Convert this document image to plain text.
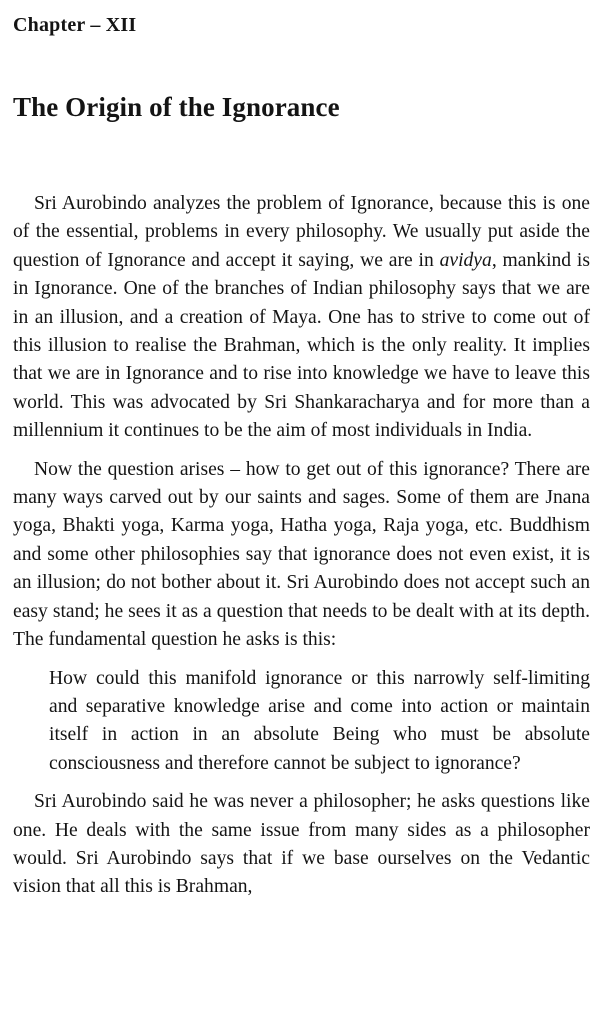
Chapter – XII
The Origin of the Ignorance

Sri Aurobindo analyzes the problem of Ignorance, because this is one of the essential, problems in every philosophy. We usually put aside the question of Ignorance and accept it saying, we are in avidya, mankind is in Ignorance. One of the branches of Indian philosophy says that we are in an illusion, and a creation of Maya. One has to strive to come out of this illusion to realise the Brahman, which is the only reality. It implies that we are in Ignorance and to rise into knowledge we have to leave this world. This was advocated by Sri Shankaracharya and for more than a millennium it continues to be the aim of most individuals in India.

Now the question arises – how to get out of this ignorance? There are many ways carved out by our saints and sages. Some of them are Jnana yoga, Bhakti yoga, Karma yoga, Hatha yoga, Raja yoga, etc. Buddhism and some other philosophies say that ignorance does not even exist, it is an illusion; do not bother about it. Sri Aurobindo does not accept such an easy stand; he sees it as a question that needs to be dealt with at its depth. The fundamental question he asks is this:

How could this manifold ignorance or this narrowly self-limiting and separative knowledge arise and come into action or maintain itself in action in an absolute Being who must be absolute consciousness and therefore cannot be subject to ignorance?

Sri Aurobindo said he was never a philosopher; he asks questions like one. He deals with the same issue from many sides as a philosopher would. Sri Aurobindo says that if we base ourselves on the Vedantic vision that all this is Brahman,
